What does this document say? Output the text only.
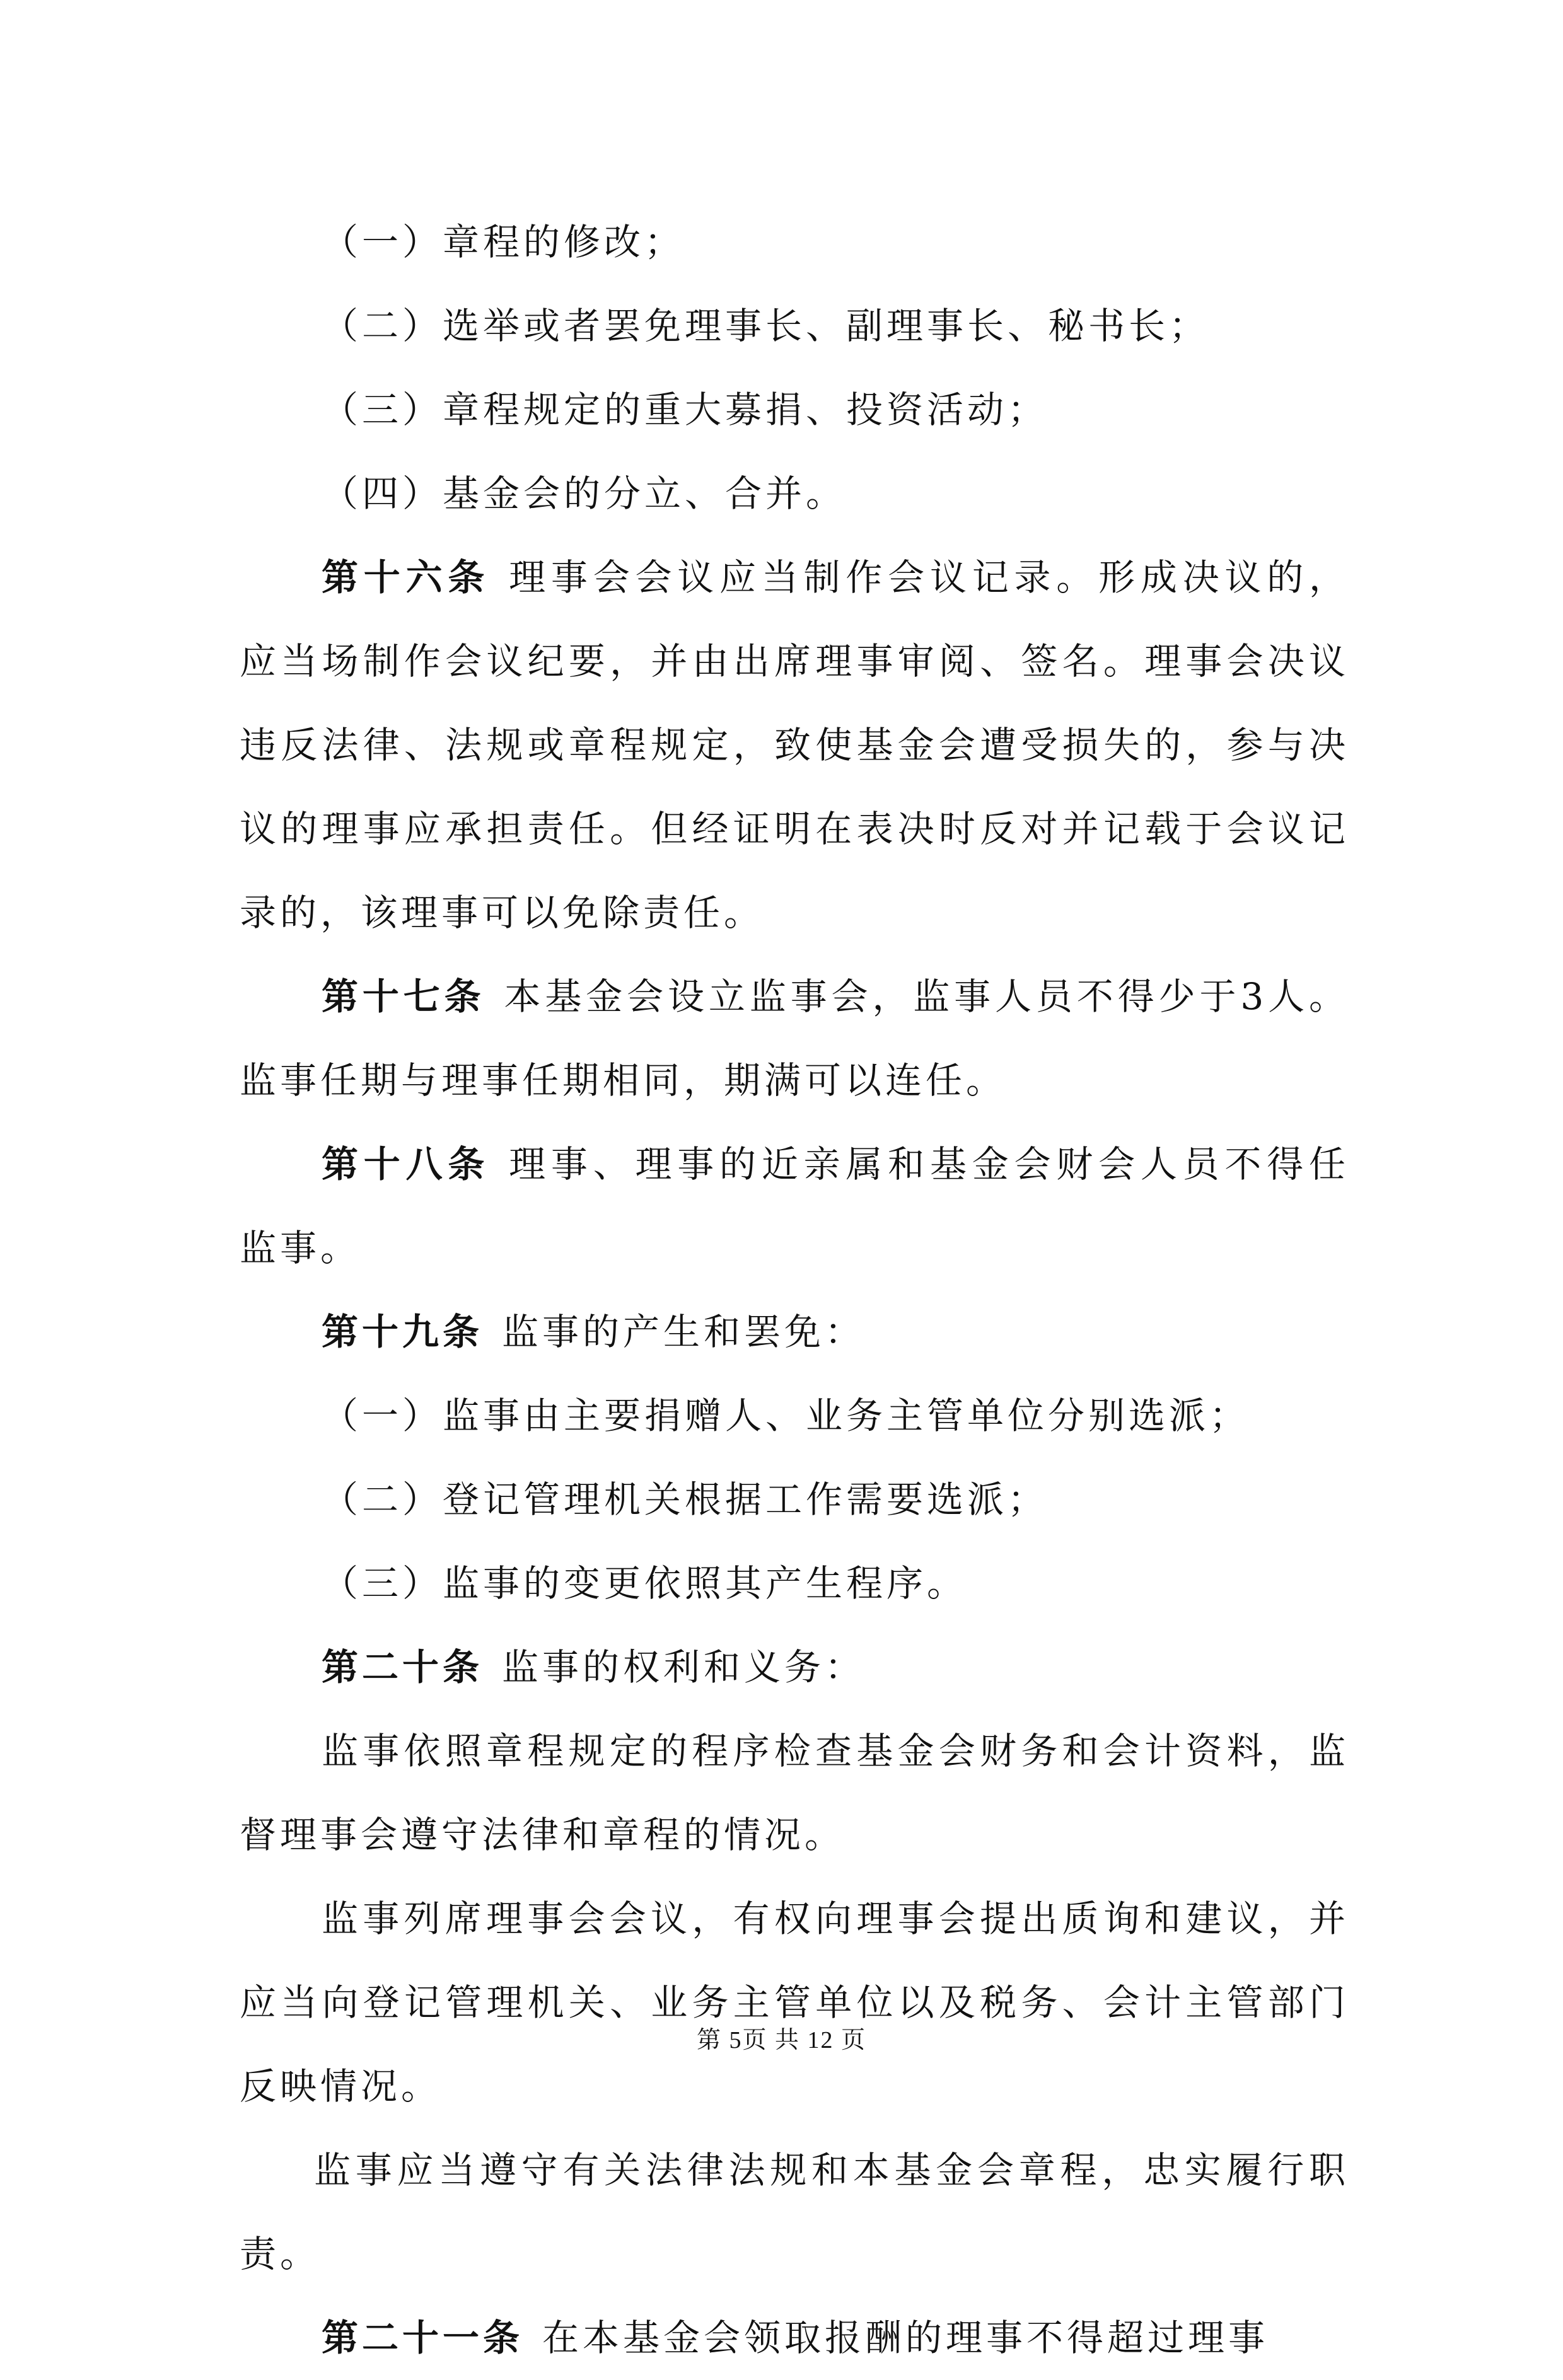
（一）章程的修改；

（二）选举或者罢免理事长、副理事长、秘书长；

（三）章程规定的重大募捐、投资活动；

（四）基金会的分立、合并。

第十六条 理事会会议应当制作会议记录。形成决议的，应当场制作会议纪要，并由出席理事审阅、签名。理事会决议违反法律、法规或章程规定，致使基金会遭受损失的，参与决议的理事应承担责任。但经证明在表决时反对并记载于会议记录的，该理事可以免除责任。

第十七条 本基金会设立监事会，监事人员不得少于3人。监事任期与理事任期相同，期满可以连任。

第十八条 理事、理事的近亲属和基金会财会人员不得任监事。

第十九条 监事的产生和罢免：

（一）监事由主要捐赠人、业务主管单位分别选派；

（二）登记管理机关根据工作需要选派；

（三）监事的变更依照其产生程序。

第二十条 监事的权利和义务：

监事依照章程规定的程序检查基金会财务和会计资料，监督理事会遵守法律和章程的情况。

监事列席理事会会议，有权向理事会提出质询和建议，并应当向登记管理机关、业务主管单位以及税务、会计主管部门反映情况。

监事应当遵守有关法律法规和本基金会章程，忠实履行职责。

第二十一条 在本基金会领取报酬的理事不得超过理事

第 5页 共 12 页
